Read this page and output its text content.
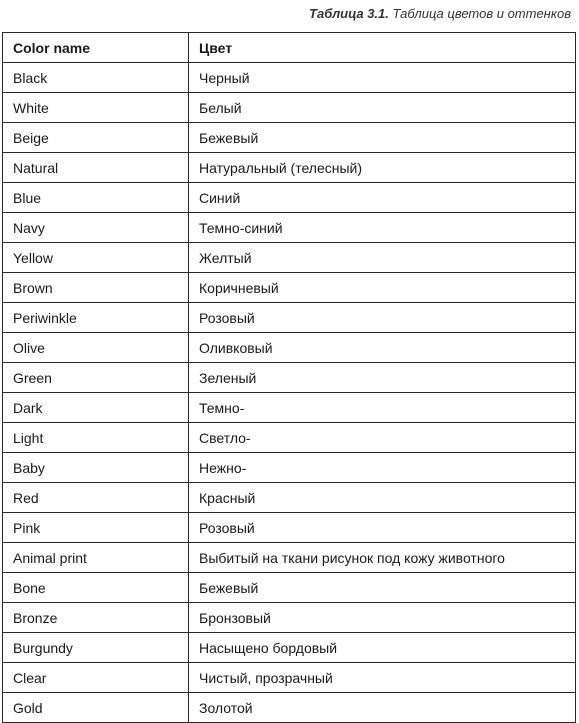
Таблица 3.1. Таблица цветов и оттенков
Color name	Цвет
Black	Черный
White	Белый
Beige	Бежевый
Natural	Натуральный (телесный)
Blue	Синий
Navy	Темно-синий
Yellow	Желтый
Brown	Коричневый
Periwinkle	Розовый
Olive	Оливковый
Green	Зеленый
Dark	Темно-
Light	Светло-
Baby	Нежно-
Red	Красный
Pink	Розовый
Animal print	Выбитый на ткани рисунок под кожу животного
Bone	Бежевый
Bronze	Бронзовый
Burgundy	Насыщено бордовый
Clear	Чистый, прозрачный
Gold	Золотой
